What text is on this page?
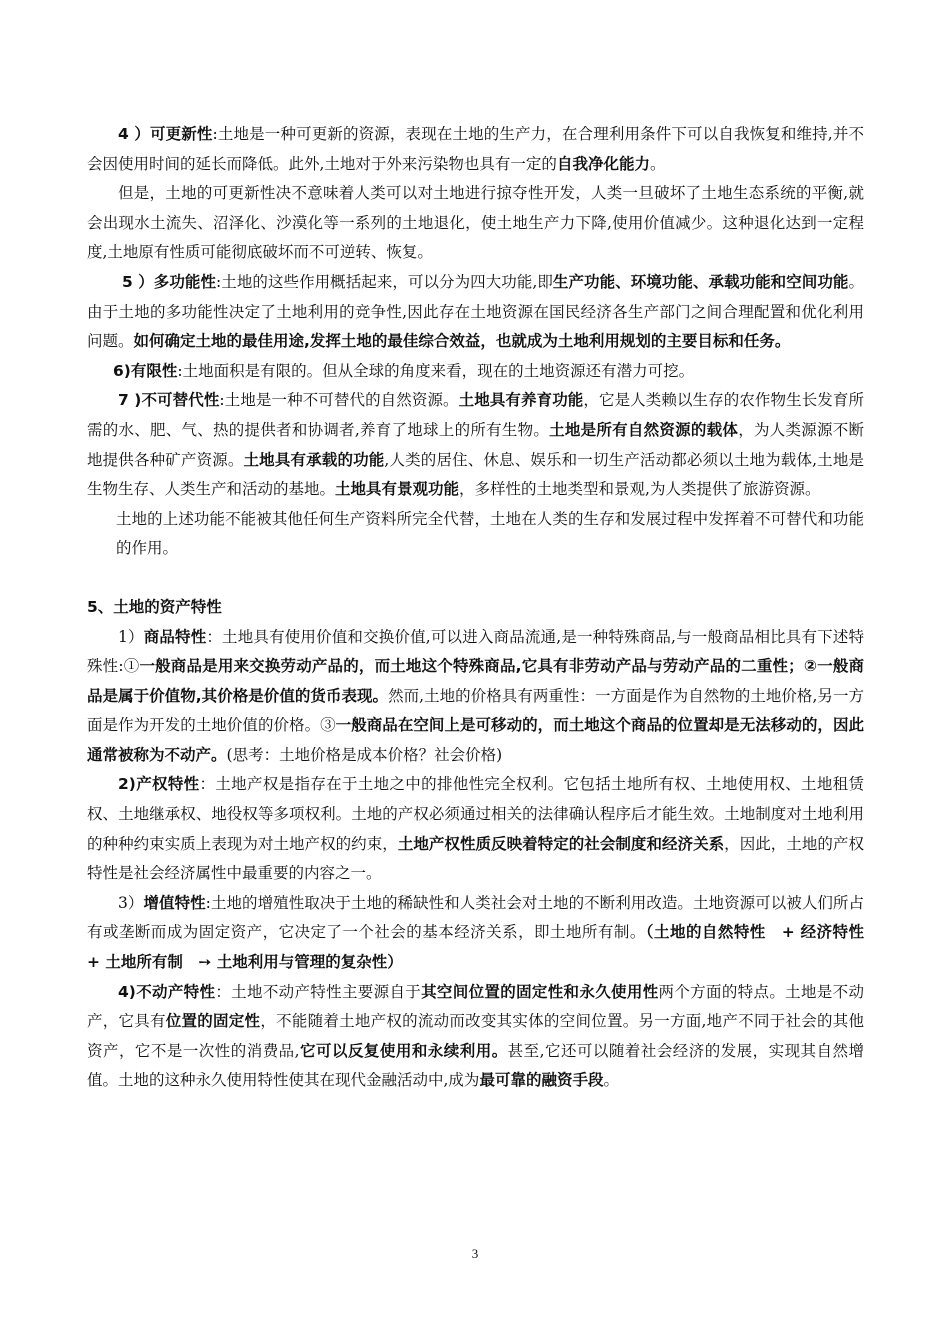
4 ）可更新性:土地是一种可更新的资源，表现在土地的生产力，在合理利用条件下可以自我恢复和维持,并不会因使用时间的延长而降低。此外,土地对于外来污染物也具有一定的自我净化能力。

但是，土地的可更新性决不意味着人类可以对土地进行掠夺性开发，人类一旦破坏了土地生态系统的平衡,就会出现水土流失、沼泽化、沙漠化等一系列的土地退化，使土地生产力下降,使用价值减少。这种退化达到一定程度,土地原有性质可能彻底破坏而不可逆转、恢复。

5 ）多功能性:土地的这些作用概括起来，可以分为四大功能,即生产功能、环境功能、承载功能和空间功能。由于土地的多功能性决定了土地利用的竞争性,因此存在土地资源在国民经济各生产部门之间合理配置和优化利用问题。如何确定土地的最佳用途,发挥土地的最佳综合效益，也就成为土地利用规划的主要目标和任务。

6)有限性:土地面积是有限的。但从全球的角度来看，现在的土地资源还有潜力可挖。

7 )不可替代性:土地是一种不可替代的自然资源。土地具有养育功能，它是人类赖以生存的农作物生长发育所需的水、肥、气、热的提供者和协调者,养育了地球上的所有生物。土地是所有自然资源的载体，为人类源源不断地提供各种矿产资源。土地具有承载的功能,人类的居住、休息、娱乐和一切生产活动都必须以土地为载体,土地是生物生存、人类生产和活动的基地。土地具有景观功能，多样性的土地类型和景观,为人类提供了旅游资源。

土地的上述功能不能被其他任何生产资料所完全代替，土地在人类的生存和发展过程中发挥着不可替代和功能的作用。

5、土地的资产特性

1）商品特性：土地具有使用价值和交换价值,可以进入商品流通,是一种特殊商品,与一般商品相比具有下述特殊性:①一般商品是用来交换劳动产品的，而土地这个特殊商品,它具有非劳动产品与劳动产品的二重性；②一般商品是属于价值物,其价格是价值的货币表现。然而,土地的价格具有两重性：一方面是作为自然物的土地价格,另一方面是作为开发的土地价值的价格。③一般商品在空间上是可移动的，而土地这个商品的位置却是无法移动的，因此通常被称为不动产。(思考：土地价格是成本价格？社会价格)

2)产权特性：土地产权是指存在于土地之中的排他性完全权利。它包括土地所有权、土地使用权、土地租赁权、土地继承权、地役权等多项权利。土地的产权必须通过相关的法律确认程序后才能生效。土地制度对土地利用的种种约束实质上表现为对土地产权的约束，土地产权性质反映着特定的社会制度和经济关系，因此，土地的产权特性是社会经济属性中最重要的内容之一。

3）增值特性:土地的增殖性取决于土地的稀缺性和人类社会对土地的不断利用改造。土地资源可以被人们所占有或垄断而成为固定资产，它决定了一个社会的基本经济关系，即土地所有制。（土地的自然特性　+ 经济特性　+ 土地所有制　➙ 土地利用与管理的复杂性）

4)不动产特性：土地不动产特性主要源自于其空间位置的固定性和永久使用性两个方面的特点。土地是不动产，它具有位置的固定性，不能随着土地产权的流动而改变其实体的空间位置。另一方面,地产不同于社会的其他资产，它不是一次性的消费品,它可以反复使用和永续利用。甚至,它还可以随着社会经济的发展，实现其自然增值。土地的这种永久使用特性使其在现代金融活动中,成为最可靠的融资手段。

3
